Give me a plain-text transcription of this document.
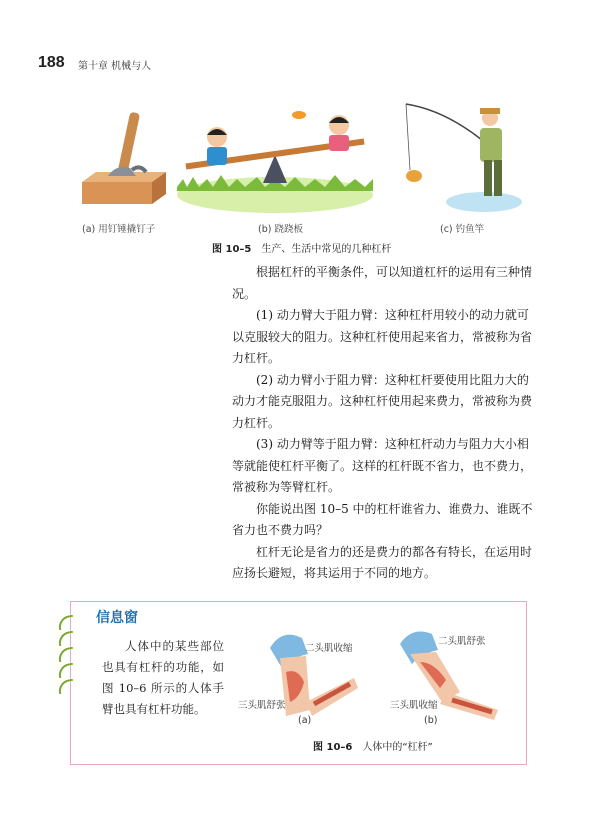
188 第十章 机械与人
(a) 用钉锤撬钉子	(b) 跷跷板	(c) 钓鱼竿
图 10–5 生产、生活中常见的几种杠杆

根据杠杆的平衡条件，可以知道杠杆的运用有三种情况。

(1) 动力臂大于阻力臂：这种杠杆用较小的动力就可以克服较大的阻力。这种杠杆使用起来省力，常被称为省力杠杆。

(2) 动力臂小于阻力臂：这种杠杆要使用比阻力大的动力才能克服阻力。这种杠杆使用起来费力，常被称为费力杠杆。

(3) 动力臂等于阻力臂：这种杠杆动力与阻力大小相等就能使杠杆平衡了。这样的杠杆既不省力，也不费力，常被称为等臂杠杆。

你能说出图 10–5 中的杠杆谁省力、谁费力、谁既不省力也不费力吗？

杠杆无论是省力的还是费力的都各有特长，在运用时应扬长避短，将其运用于不同的地方。

信息窗
人体中的某些部位也具有杠杆的功能，如图 10–6 所示的人体手臂也具有杠杆功能。
二头肌收缩
三头肌舒张
(a)
二头肌舒张
三头肌收缩
(b)
图 10–6 人体中的“杠杆”
